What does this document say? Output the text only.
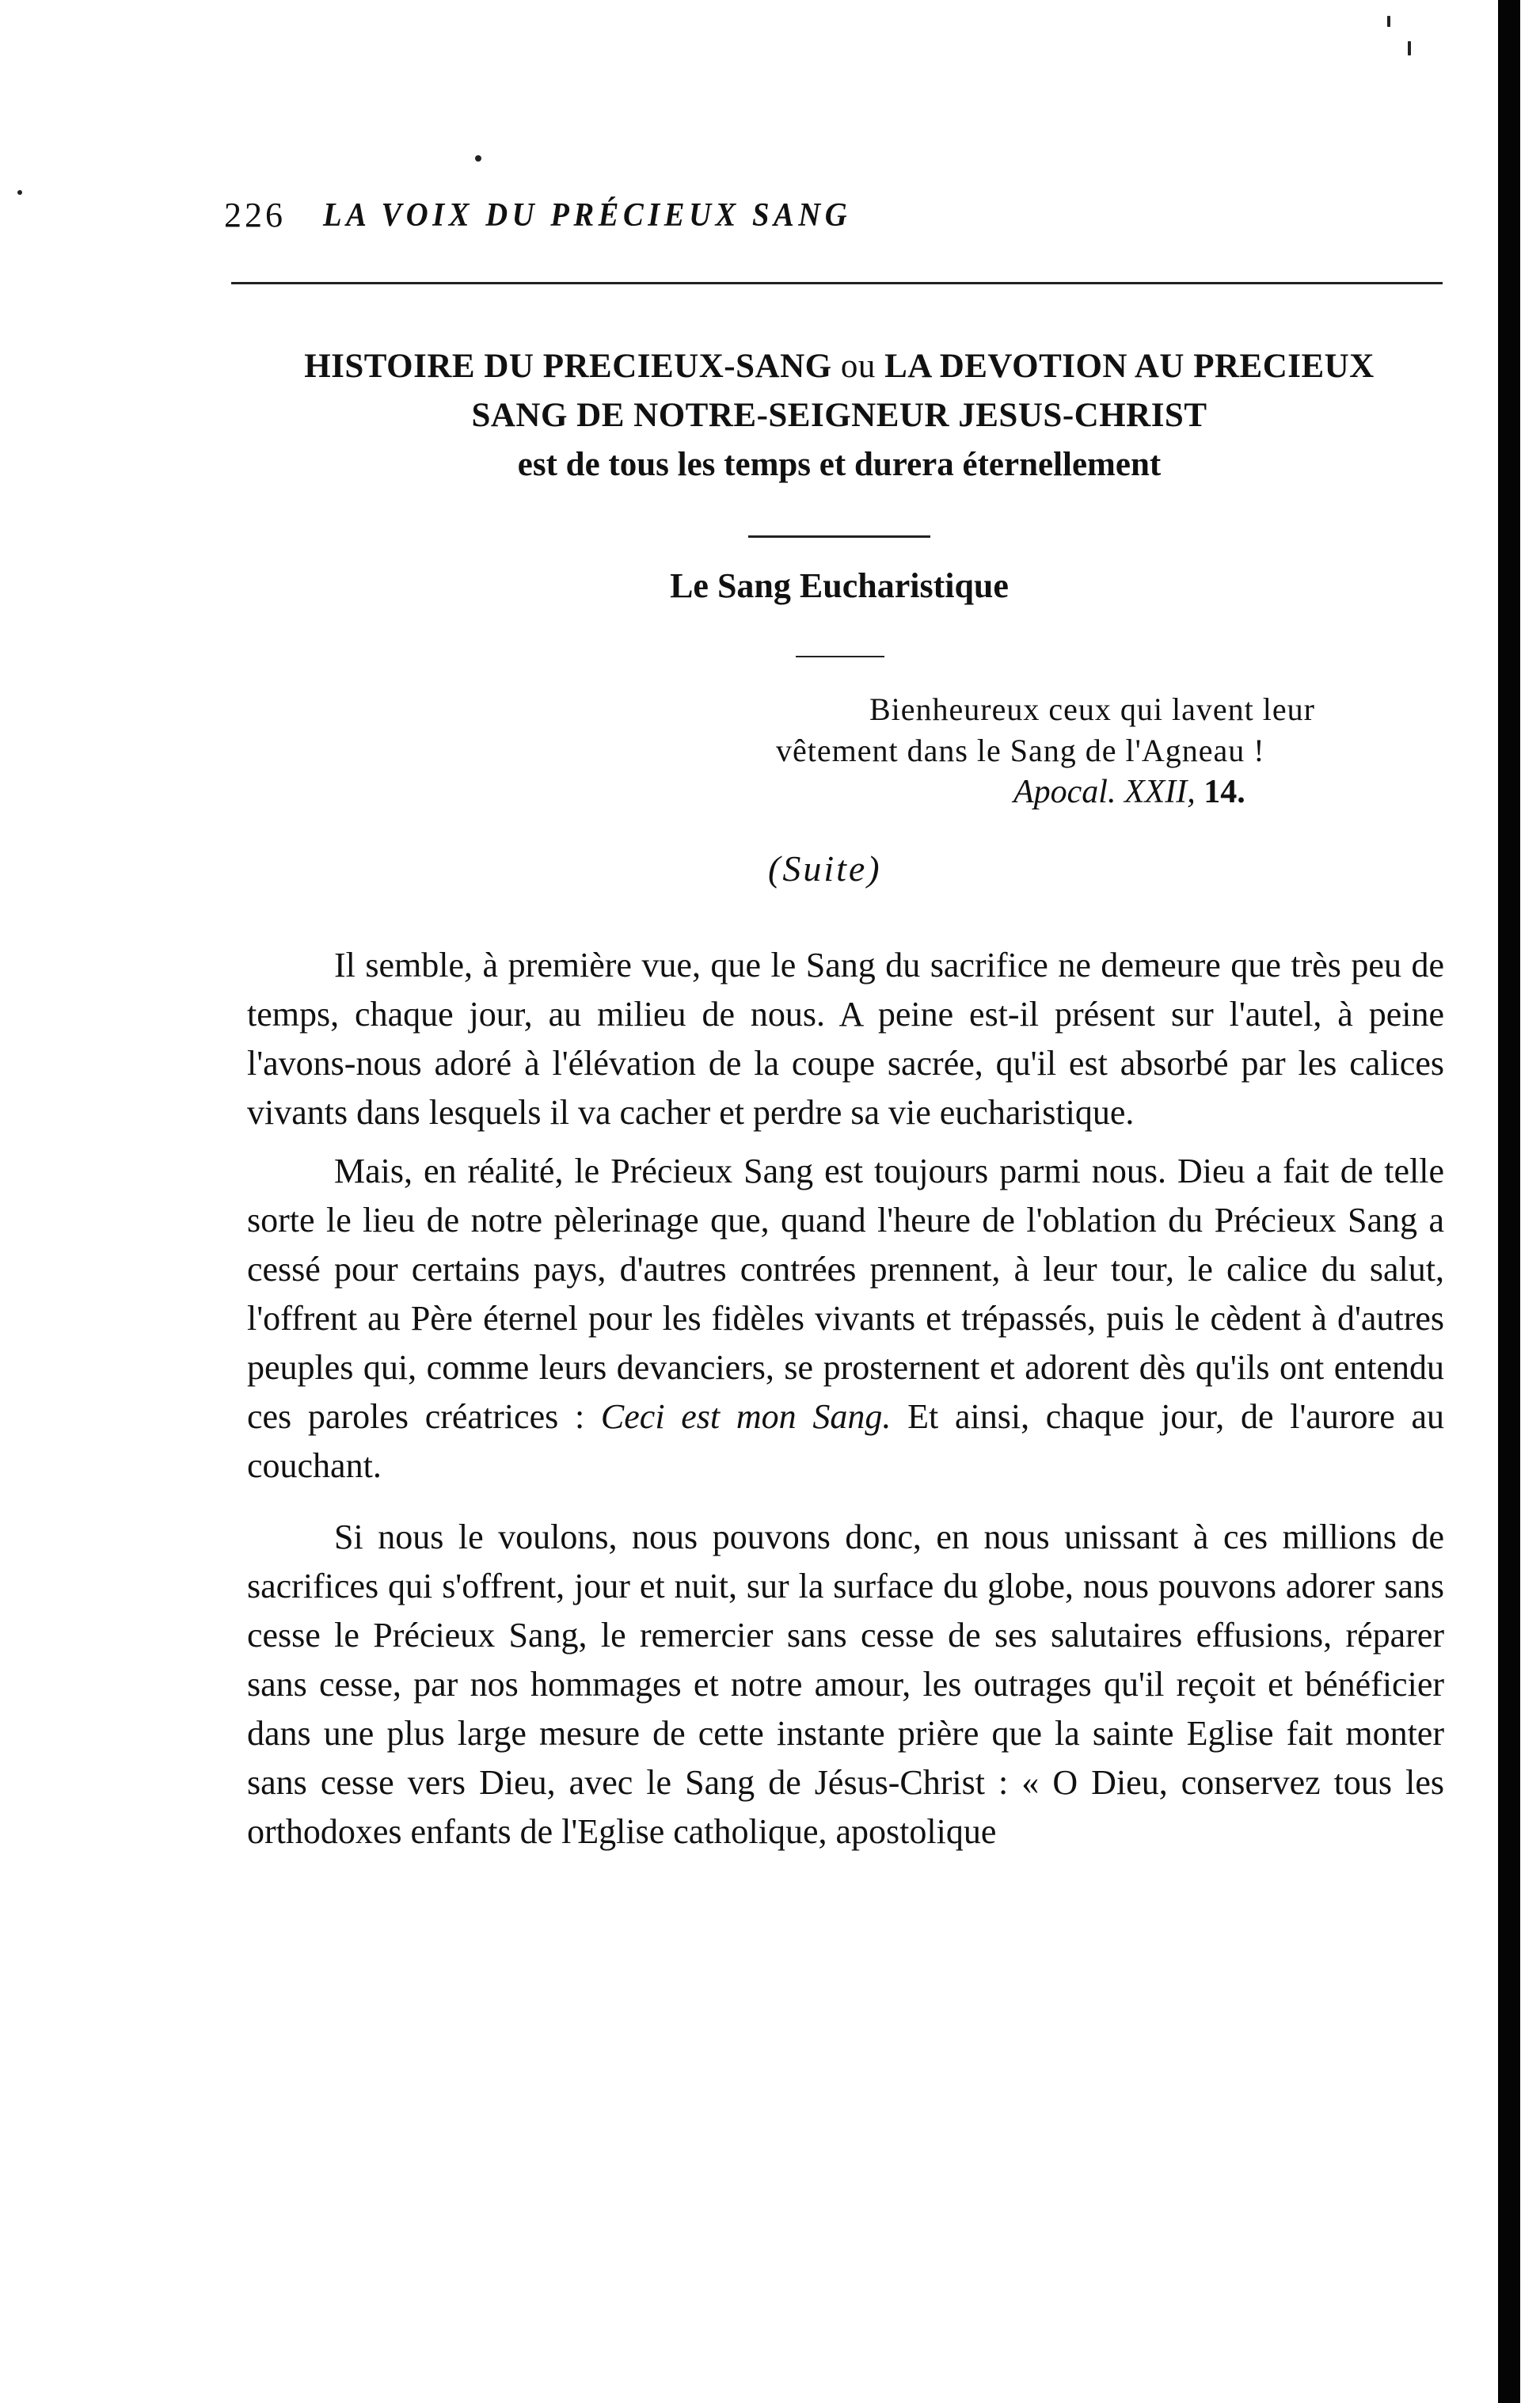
226 LA VOIX DU PRÉCIEUX SANG
HISTOIRE DU PRECIEUX-SANG ou LA DEVOTION AU PRECIEUX
SANG DE NOTRE-SEIGNEUR JESUS-CHRIST
est de tous les temps et durera éternellement
Le Sang Eucharistique
Bienheureux ceux qui lavent leur
vêtement dans le Sang de l'Agneau !
Apocal. XXII, 14.
(Suite)

Il semble, à première vue, que le Sang du sacrifice ne demeure que très peu de temps, chaque jour, au milieu de nous. A peine est-il présent sur l'autel, à peine l'avons-nous adoré à l'élévation de la coupe sacrée, qu'il est absorbé par les calices vivants dans lesquels il va cacher et perdre sa vie eucharistique.

Mais, en réalité, le Précieux Sang est toujours parmi nous. Dieu a fait de telle sorte le lieu de notre pèlerinage que, quand l'heure de l'oblation du Précieux Sang a cessé pour certains pays, d'autres contrées prennent, à leur tour, le calice du salut, l'offrent au Père éternel pour les fidèles vivants et trépassés, puis le cèdent à d'autres peuples qui, comme leurs devanciers, se prosternent et adorent dès qu'ils ont entendu ces paroles créatrices : Ceci est mon Sang. Et ainsi, chaque jour, de l'aurore au couchant.

Si nous le voulons, nous pouvons donc, en nous unissant à ces millions de sacrifices qui s'offrent, jour et nuit, sur la surface du globe, nous pouvons adorer sans cesse le Précieux Sang, le remercier sans cesse de ses salutaires effusions, réparer sans cesse, par nos hommages et notre amour, les outrages qu'il reçoit et bénéficier dans une plus large mesure de cette instante prière que la sainte Eglise fait monter sans cesse vers Dieu, avec le Sang de Jésus-Christ : « O Dieu, conservez tous les orthodoxes enfants de l'Eglise catholique, apostolique
